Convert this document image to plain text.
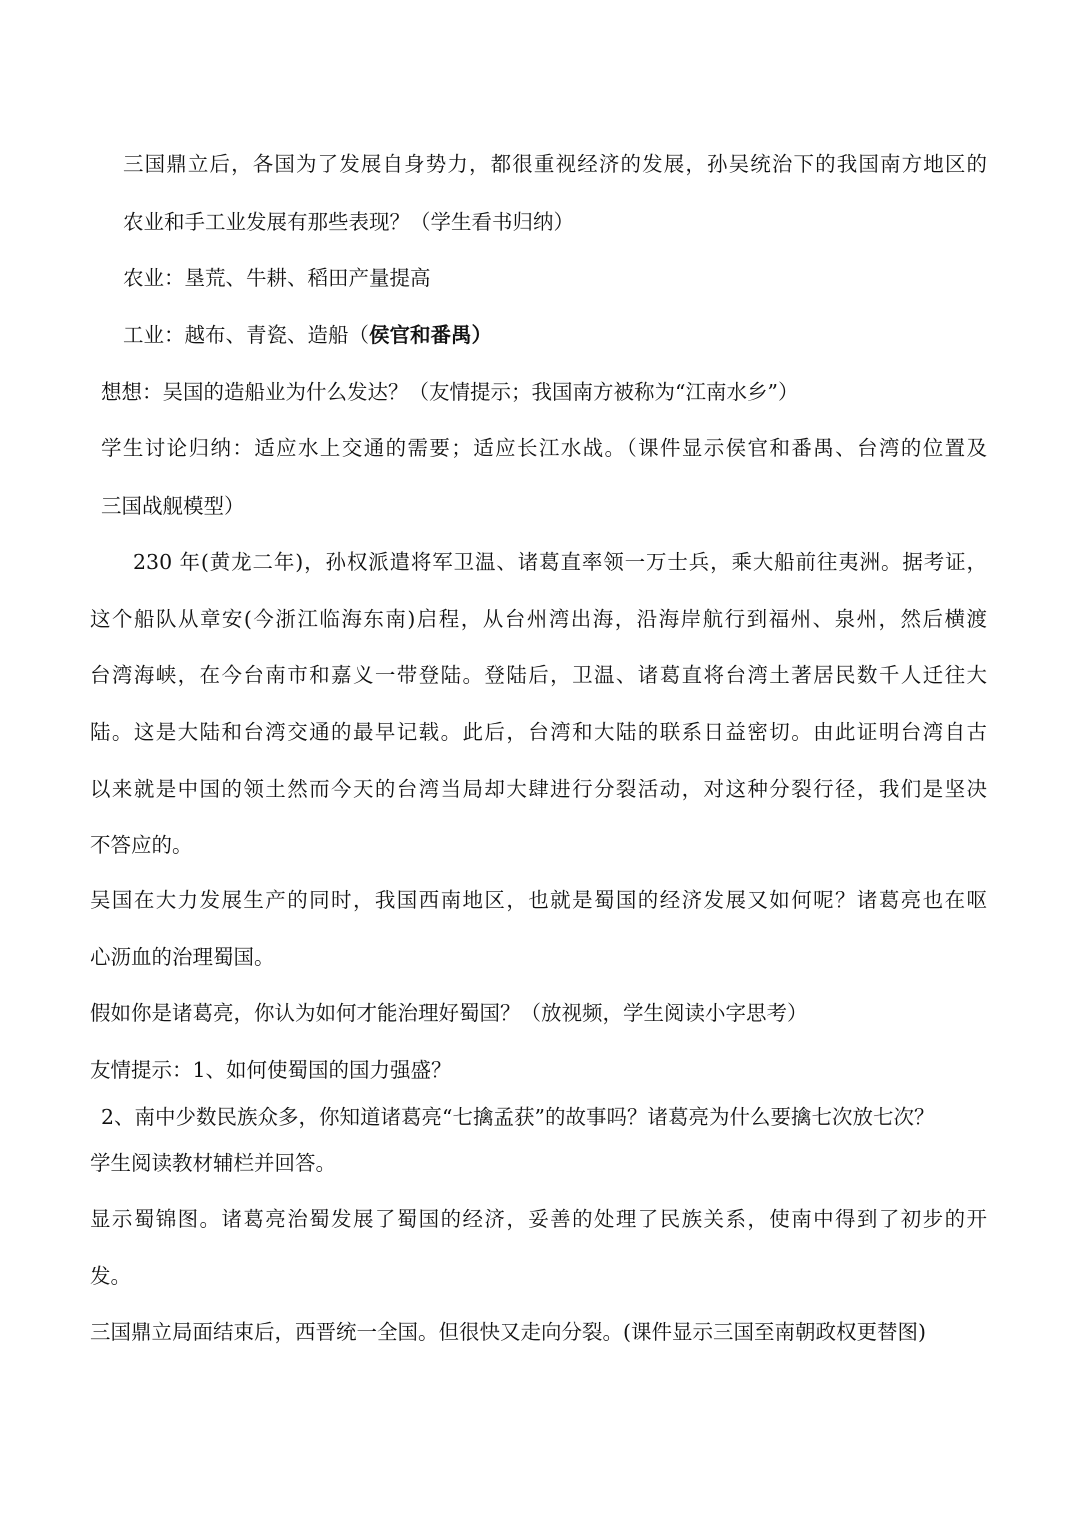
三国鼎立后，各国为了发展自身势力，都很重视经济的发展，孙吴统治下的我国南方地区的
农业和手工业发展有那些表现？（学生看书归纳）
农业：垦荒、牛耕、稻田产量提高
工业：越布、青瓷、造船（侯官和番禺）
想想：吴国的造船业为什么发达？（友情提示；我国南方被称为“江南水乡”）
学生讨论归纳：适应水上交通的需要；适应长江水战。（课件显示侯官和番禺、台湾的位置及
三国战舰模型）
230 年(黄龙二年)，孙权派遣将军卫温、诸葛直率领一万士兵，乘大船前往夷洲。据考证，
这个船队从章安(今浙江临海东南)启程，从台州湾出海，沿海岸航行到福州、泉州，然后横渡
台湾海峡，在今台南市和嘉义一带登陆。登陆后，卫温、诸葛直将台湾土著居民数千人迁往大
陆。这是大陆和台湾交通的最早记载。此后，台湾和大陆的联系日益密切。由此证明台湾自古
以来就是中国的领土然而今天的台湾当局却大肆进行分裂活动，对这种分裂行径，我们是坚决
不答应的。
吴国在大力发展生产的同时，我国西南地区，也就是蜀国的经济发展又如何呢？诸葛亮也在呕
心沥血的治理蜀国。
假如你是诸葛亮，你认为如何才能治理好蜀国？（放视频，学生阅读小字思考）
友情提示：1、如何使蜀国的国力强盛？
2、南中少数民族众多，你知道诸葛亮“七擒孟获”的故事吗？诸葛亮为什么要擒七次放七次？
学生阅读教材辅栏并回答。
显示蜀锦图。诸葛亮治蜀发展了蜀国的经济，妥善的处理了民族关系，使南中得到了初步的开
发。
三国鼎立局面结束后，西晋统一全国。但很快又走向分裂。(课件显示三国至南朝政权更替图)
